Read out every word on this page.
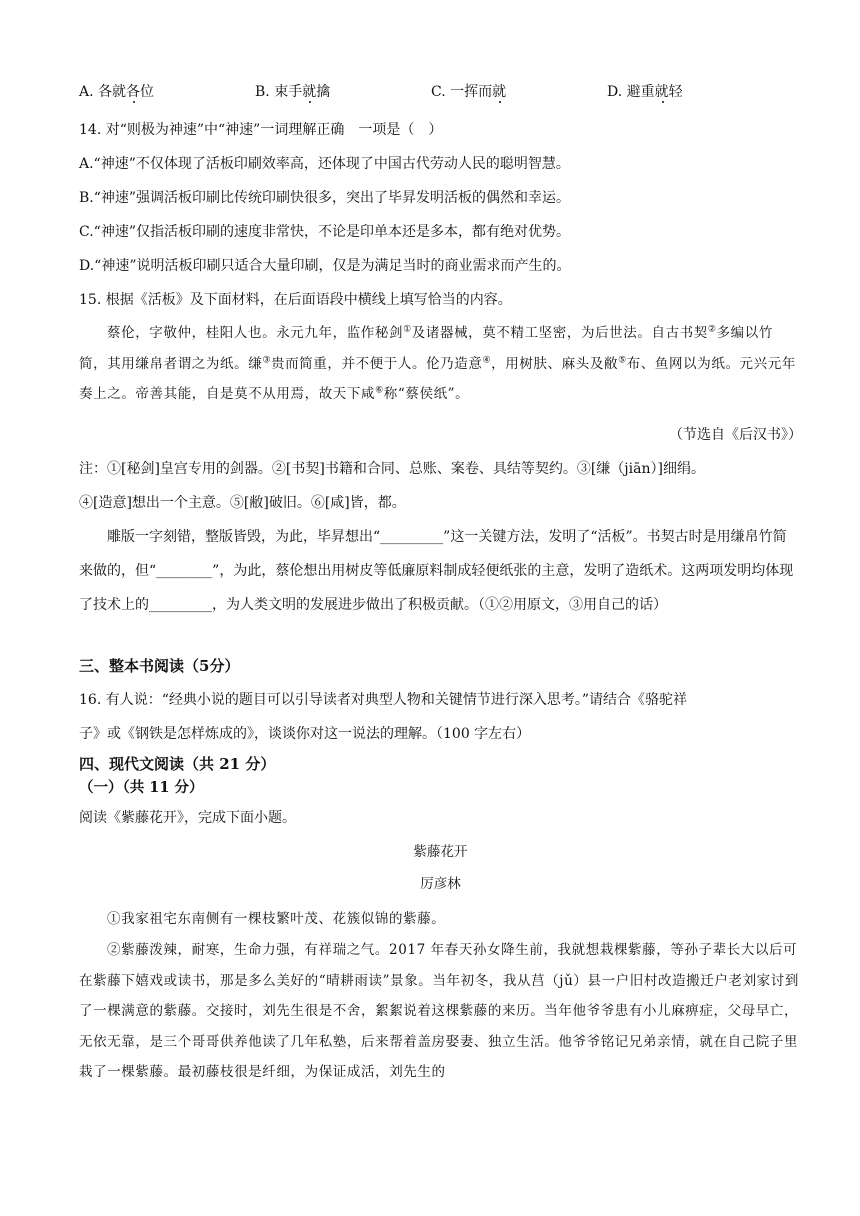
A. 各就各位	B. 束手就擒	C. 一挥而就	D. 避重就轻
14. 对“则极为神速”中“神速”一词理解正确　一项是（　）
A.“神速”不仅体现了活板印刷效率高，还体现了中国古代劳动人民的聪明智慧。
B.“神速”强调活板印刷比传统印刷快很多，突出了毕昇发明活板的偶然和幸运。
C.“神速”仅指活板印刷的速度非常快，不论是印单本还是多本，都有绝对优势。
D.“神速”说明活板印刷只适合大量印刷，仅是为满足当时的商业需求而产生的。
15. 根据《活板》及下面材料，在后面语段中横线上填写恰当的内容。
蔡伦，字敬仲，桂阳人也。永元九年，监作秘剑①及诸器械，莫不精工坚密，为后世法。自古书契②多编以竹简，其用缣帛者谓之为纸。缣③贵而简重，并不便于人。伦乃造意④，用树肤、麻头及敝⑤布、鱼网以为纸。元兴元年奏上之。帝善其能，自是莫不从用焉，故天下咸⑥称“蔡侯纸”。
（节选自《后汉书》）
注：①[秘剑]皇宫专用的剑器。②[书契]书籍和合同、总账、案卷、具结等契约。③[缣（jiān）]细绢。
④[造意]想出一个主意。⑤[敝]破旧。⑥[咸]皆，都。
雕版一字刻错，整版皆毁，为此，毕昇想出“_________”这一关键方法，发明了“活板”。书契古时是用缣帛竹简来做的，但“________”，为此，蔡伦想出用树皮等低廉原料制成轻便纸张的主意，发明了造纸术。这两项发明均体现了技术上的_________，为人类文明的发展进步做出了积极贡献。（①②用原文，③用自己的话）
三、整本书阅读（5分）
16. 有人说：“经典小说的题目可以引导读者对典型人物和关键情节进行深入思考。”请结合《骆驼祥
子》或《钢铁是怎样炼成的》，谈谈你对这一说法的理解。（100 字左右）
四、现代文阅读（共 21 分）
（一）（共 11 分）
阅读《紫藤花开》，完成下面小题。
紫藤花开
厉彦林
①我家祖宅东南侧有一棵枝繁叶茂、花簇似锦的紫藤。
②紫藤泼辣，耐寒，生命力强，有祥瑞之气。2017 年春天孙女降生前，我就想栽棵紫藤，等孙子辈长大以后可在紫藤下嬉戏或读书，那是多么美好的“晴耕雨读”景象。当年初冬，我从莒（jǔ）县一户旧村改造搬迁户老刘家讨到了一棵满意的紫藤。交接时，刘先生很是不舍，絮絮说着这棵紫藤的来历。当年他爷爷患有小儿麻痹症，父母早亡，无依无靠，是三个哥哥供养他读了几年私塾，后来帮着盖房娶妻、独立生活。他爷爷铭记兄弟亲情，就在自己院子里栽了一棵紫藤。最初藤枝很是纤细，为保证成活，刘先生的
